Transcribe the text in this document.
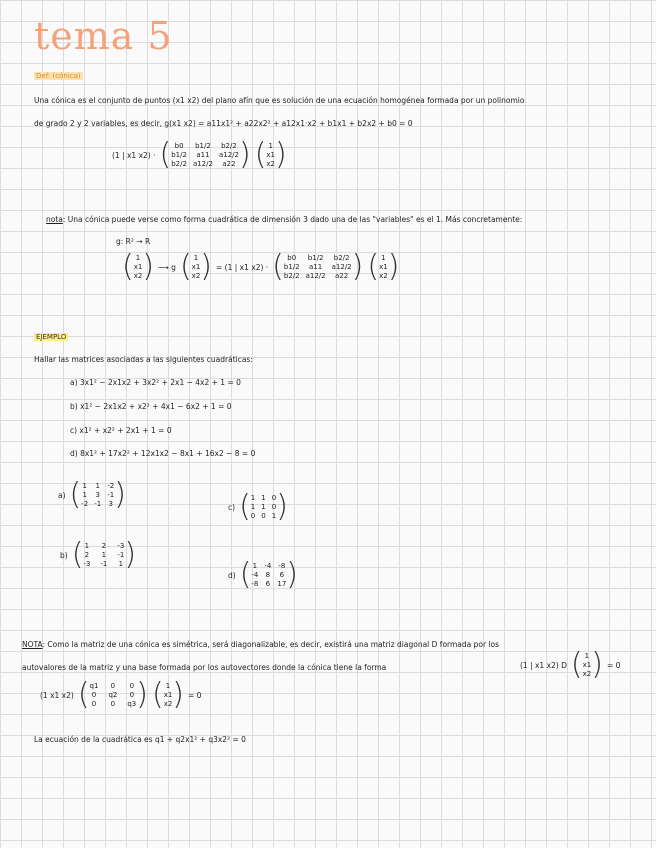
tema 5
Def: (cónica)
Una cónica es el conjunto de puntos (x1 x2) del plano afín que es solución de una ecuación homogénea formada por un polinomio
de grado 2 y 2 variables, es decir, g(x1 x2) = a11x1² + a22x2² + a12x1·x2 + b1x1 + b2x2 + b0 = 0
(1 | x1 x2) · ( b0	b1/2	b2/2
b1/2	a11	a12/2
b2/2 a12/2	a22 ) ( 1
x1
x2 )
nota: Una cónica puede verse como forma cuadrática de dimensión 3 dado una de las "variables" es el 1. Más concretamente:
g: R² → R
( 1
x1
x2 ) ⟶ g ( 1
x1
x2 ) = (1 | x1 x2) · ( b0	b1/2	b2/2
b1/2	a11	a12/2
b2/2 a12/2	a22 ) ( 1
x1
x2 )
EJEMPLO
Hallar las matrices asociadas a las siguientes cuadráticas:
a) 3x1² − 2x1x2 + 3x2² + 2x1 − 4x2 + 1 = 0
b) x1² − 2x1x2 + x2² + 4x1 − 6x2 + 1 = 0
c) x1² + x2² + 2x1 + 1 = 0
d) 8x1² + 17x2² + 12x1x2 − 8x1 + 16x2 − 8 = 0
a) ( 1 1 -2
1 3 -1
-2 -1 3 )	c) ( 1 1 0
1 1 0
0 0 1 )
b) ( 1 2 -3
2 1 -1
-3 -1 1 )
d) ( 1 -4 -8
-4 8	6
-8 6 17 )
NOTA: Como la matriz de una cónica es simétrica, será diagonalizable, es decir, existirá una matriz diagonal D formada por los
autovalores de la matriz y una base formada por los autovectores donde la cónica tiene la forma	(1 | x1 x2) D ( 1
x1
x2 ) = 0
(1 x1 x2) ( q1	0	0
0	q2	0
0	0	q3 ) ( 1
x1
x2 ) = 0
La ecuación de la cuadrática es q1 + q2x1² + q3x2² = 0
